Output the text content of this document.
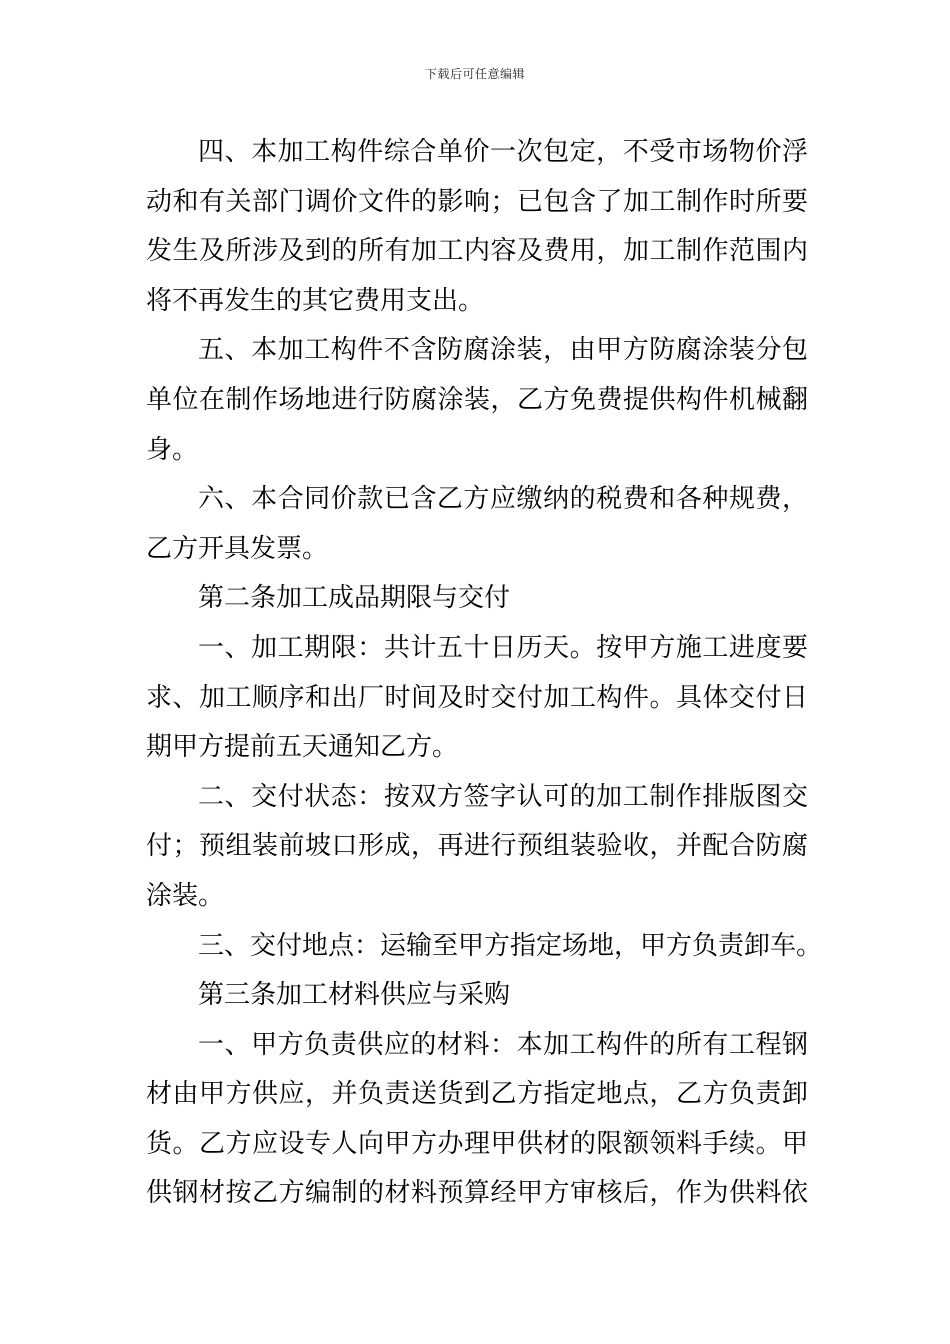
下载后可任意编辑
四、本加工构件综合单价一次包定，不受市场物价浮
动和有关部门调价文件的影响；已包含了加工制作时所要
发生及所涉及到的所有加工内容及费用，加工制作范围内
将不再发生的其它费用支出。
五、本加工构件不含防腐涂装，由甲方防腐涂装分包
单位在制作场地进行防腐涂装，乙方免费提供构件机械翻
身。
六、本合同价款已含乙方应缴纳的税费和各种规费，
乙方开具发票。
第二条加工成品期限与交付
一、加工期限：共计五十日历天。按甲方施工进度要
求、加工顺序和出厂时间及时交付加工构件。具体交付日
期甲方提前五天通知乙方。
二、交付状态：按双方签字认可的加工制作排版图交
付；预组装前坡口形成，再进行预组装验收，并配合防腐
涂装。
三、交付地点：运输至甲方指定场地，甲方负责卸车。
第三条加工材料供应与采购
一、甲方负责供应的材料：本加工构件的所有工程钢
材由甲方供应，并负责送货到乙方指定地点，乙方负责卸
货。乙方应设专人向甲方办理甲供材的限额领料手续。甲
供钢材按乙方编制的材料预算经甲方审核后，作为供料依
